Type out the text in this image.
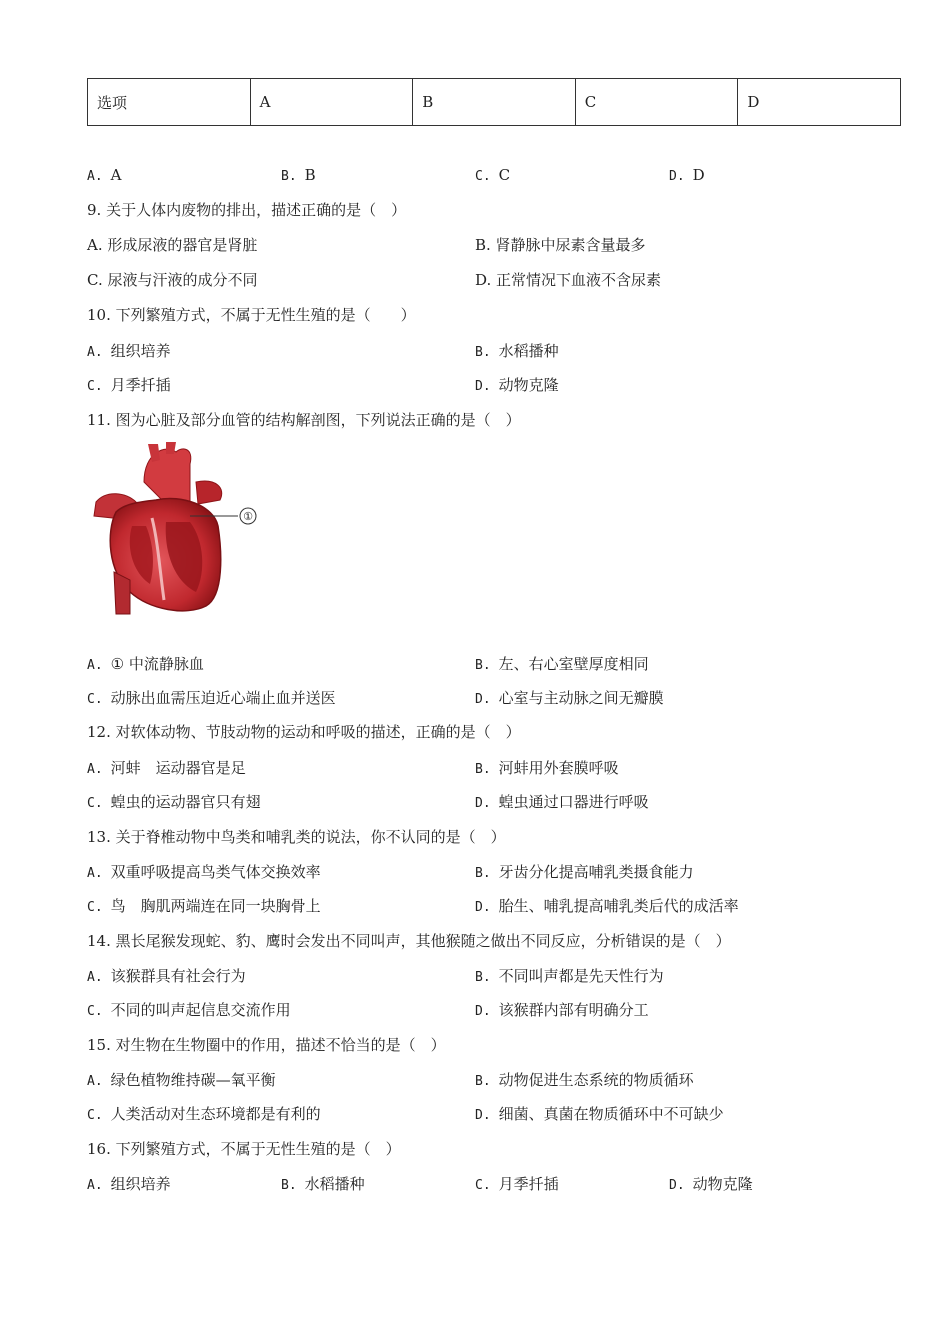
选项	A	B	C	D
A. A	B. B	C. C	D. D
9. 关于人体内废物的排出，描述正确的是（　）
A. 形成尿液的器官是肾脏	B. 肾静脉中尿素含量最多
C. 尿液与汗液的成分不同	D. 正常情况下血液不含尿素
10. 下列繁殖方式，不属于无性生殖的是（　　）
A. 组织培养	B. 水稻播种
C. 月季扦插	D. 动物克隆
11. 图为心脏及部分血管的结构解剖图，下列说法正确的是（　）
①
A. ① 中流静脉血	B. 左、右心室壁厚度相同
C. 动脉出血需压迫近心端止血并送医	D. 心室与主动脉之间无瓣膜
12. 对软体动物、节肢动物的运动和呼吸的描述，正确的是（　）
A. 河蚌　运动器官是足	B. 河蚌用外套膜呼吸
C. 蝗虫的运动器官只有翅	D. 蝗虫通过口器进行呼吸
13. 关于脊椎动物中鸟类和哺乳类的说法，你不认同的是（　）
A. 双重呼吸提高鸟类气体交换效率	B. 牙齿分化提高哺乳类摄食能力
C. 鸟　胸肌两端连在同一块胸骨上	D. 胎生、哺乳提高哺乳类后代的成活率
14. 黑长尾猴发现蛇、豹、鹰时会发出不同叫声，其他猴随之做出不同反应，分析错误的是（　）
A. 该猴群具有社会行为	B. 不同叫声都是先天性行为
C. 不同的叫声起信息交流作用	D. 该猴群内部有明确分工
15. 对生物在生物圈中的作用，描述不恰当的是（　）
A. 绿色植物维持碳—氧平衡	B. 动物促进生态系统的物质循环
C. 人类活动对生态环境都是有利的	D. 细菌、真菌在物质循环中不可缺少
16. 下列繁殖方式，不属于无性生殖的是（　）
A. 组织培养	B. 水稻播种	C. 月季扦插	D. 动物克隆
